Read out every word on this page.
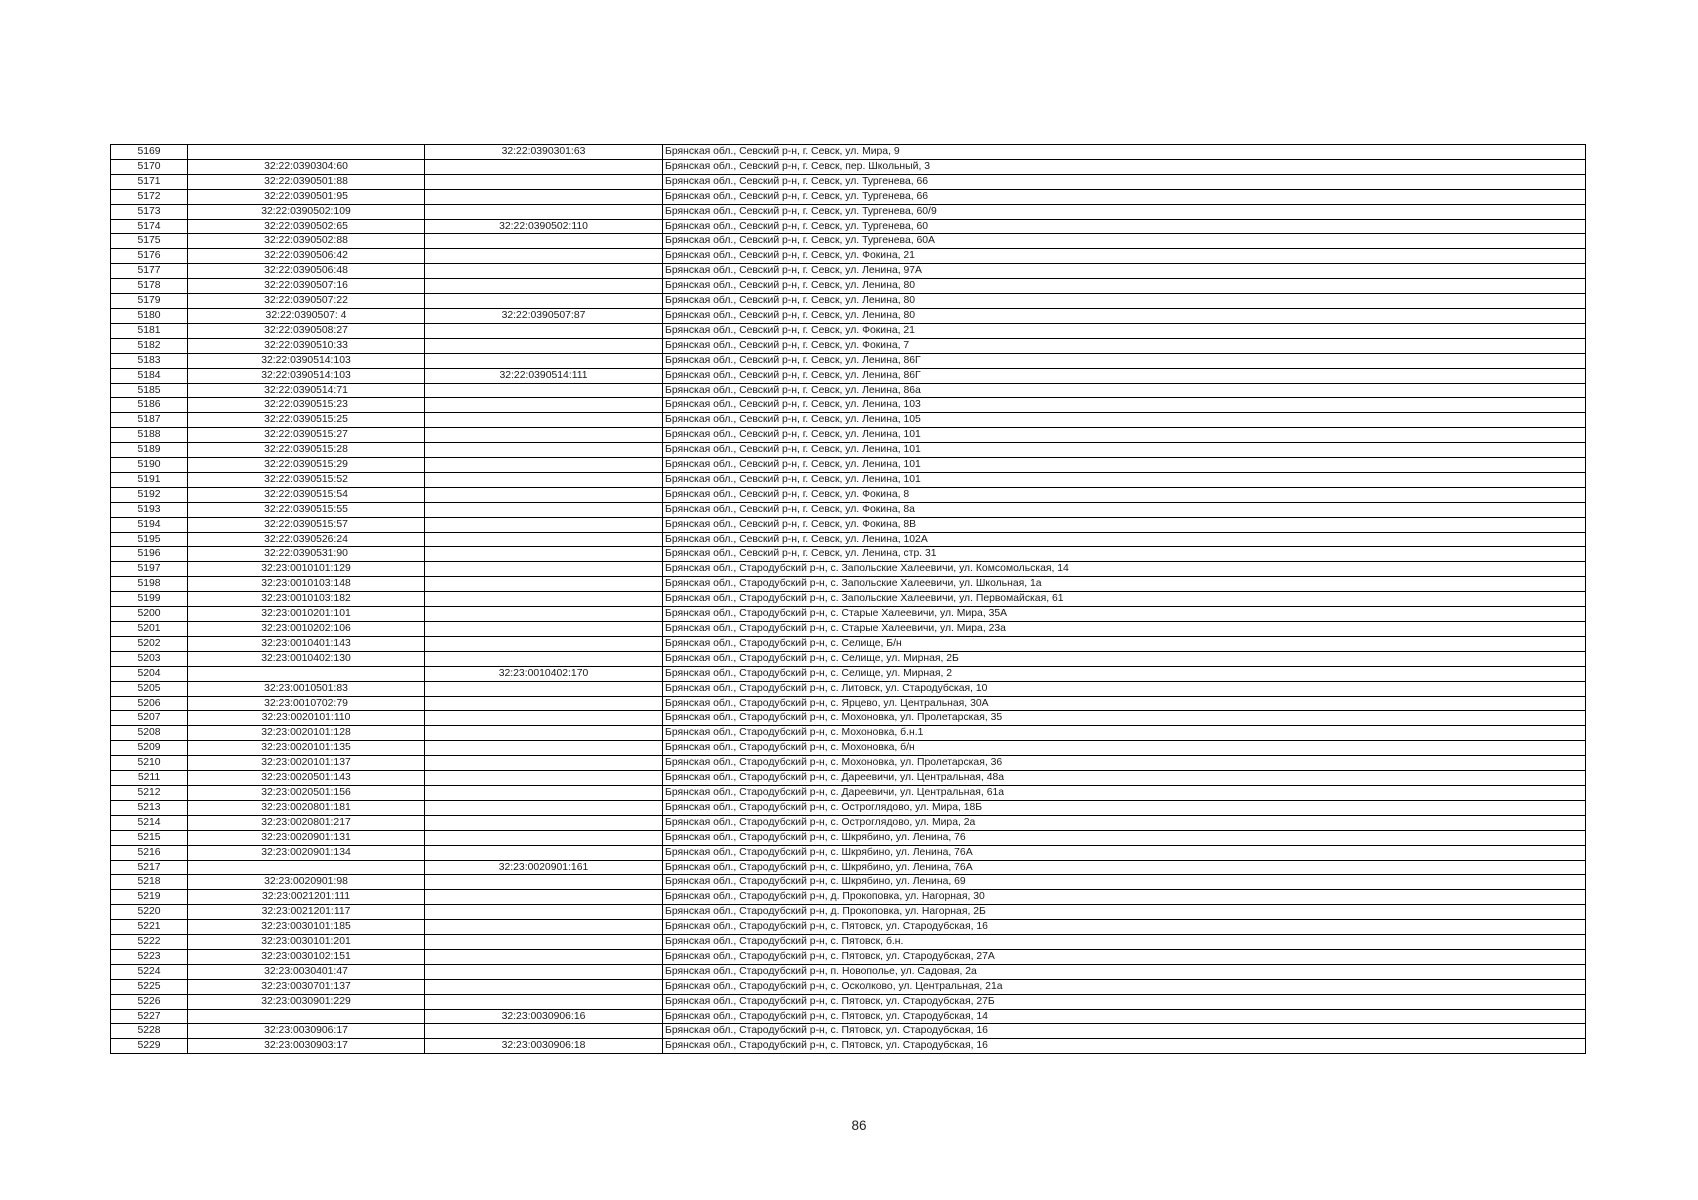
5169		32:22:0390301:63	Брянская обл., Севский р-н, г. Севск, ул. Мира, 9
5170	32:22:0390304:60		Брянская обл., Севский р-н, г. Севск, пер. Школьный, 3
5171	32:22:0390501:88		Брянская обл., Севский р-н, г. Севск, ул. Тургенева, 66
5172	32:22:0390501:95		Брянская обл., Севский р-н, г. Севск, ул. Тургенева, 66
5173	32:22:0390502:109		Брянская обл., Севский р-н, г. Севск, ул. Тургенева, 60/9
5174	32:22:0390502:65	32:22:0390502:110	Брянская обл., Севский р-н, г. Севск, ул. Тургенева, 60
5175	32:22:0390502:88		Брянская обл., Севский р-н, г. Севск, ул. Тургенева, 60А
5176	32:22:0390506:42		Брянская обл., Севский р-н, г. Севск, ул. Фокина, 21
5177	32:22:0390506:48		Брянская обл., Севский р-н, г. Севск, ул. Ленина, 97А
5178	32:22:0390507:16		Брянская обл., Севский р-н, г. Севск, ул. Ленина, 80
5179	32:22:0390507:22		Брянская обл., Севский р-н, г. Севск, ул. Ленина, 80
5180	32:22:0390507: 4	32:22:0390507:87	Брянская обл., Севский р-н, г. Севск, ул. Ленина, 80
5181	32:22:0390508:27		Брянская обл., Севский р-н, г. Севск, ул. Фокина, 21
5182	32:22:0390510:33		Брянская обл., Севский р-н, г. Севск, ул. Фокина, 7
5183	32:22:0390514:103		Брянская обл., Севский р-н, г. Севск, ул. Ленина, 86Г
5184	32:22:0390514:103	32:22:0390514:111	Брянская обл., Севский р-н, г. Севск, ул. Ленина, 86Г
5185	32:22:0390514:71		Брянская обл., Севский р-н, г. Севск, ул. Ленина, 86а
5186	32:22:0390515:23		Брянская обл., Севский р-н, г. Севск, ул. Ленина, 103
5187	32:22:0390515:25		Брянская обл., Севский р-н, г. Севск, ул. Ленина, 105
5188	32:22:0390515:27		Брянская обл., Севский р-н, г. Севск, ул. Ленина, 101
5189	32:22:0390515:28		Брянская обл., Севский р-н, г. Севск, ул. Ленина, 101
5190	32:22:0390515:29		Брянская обл., Севский р-н, г. Севск, ул. Ленина, 101
5191	32:22:0390515:52		Брянская обл., Севский р-н, г. Севск, ул. Ленина, 101
5192	32:22:0390515:54		Брянская обл., Севский р-н, г. Севск, ул. Фокина, 8
5193	32:22:0390515:55		Брянская обл., Севский р-н, г. Севск, ул. Фокина, 8а
5194	32:22:0390515:57		Брянская обл., Севский р-н, г. Севск, ул. Фокина, 8В
5195	32:22:0390526:24		Брянская обл., Севский р-н, г. Севск, ул. Ленина, 102А
5196	32:22:0390531:90		Брянская обл., Севский р-н, г. Севск, ул. Ленина, стр. 31
5197	32:23:0010101:129		Брянская обл., Стародубский р-н, с. Запольские Халеевичи, ул. Комсомольская, 14
5198	32:23:0010103:148		Брянская обл., Стародубский р-н, с. Запольские Халеевичи, ул. Школьная, 1а
5199	32:23:0010103:182		Брянская обл., Стародубский р-н, с. Запольские Халеевичи, ул. Первомайская, 61
5200	32:23:0010201:101		Брянская обл., Стародубский р-н, с. Старые Халеевичи, ул. Мира, 35А
5201	32:23:0010202:106		Брянская обл., Стародубский р-н, с. Старые Халеевичи, ул. Мира, 23а
5202	32:23:0010401:143		Брянская обл., Стародубский р-н, с. Селище, Б/н
5203	32:23:0010402:130		Брянская обл., Стародубский р-н, с. Селище, ул. Мирная, 2Б
5204		32:23:0010402:170	Брянская обл., Стародубский р-н, с. Селище, ул. Мирная, 2
5205	32:23:0010501:83		Брянская обл., Стародубский р-н, с. Литовск, ул. Стародубская, 10
5206	32:23:0010702:79		Брянская обл., Стародубский р-н, с. Ярцево, ул. Центральная, 30А
5207	32:23:0020101:110		Брянская обл., Стародубский р-н, с. Мохоновка, ул. Пролетарская, 35
5208	32:23:0020101:128		Брянская обл., Стародубский р-н, с. Мохоновка, б.н.1
5209	32:23:0020101:135		Брянская обл., Стародубский р-н, с. Мохоновка, б/н
5210	32:23:0020101:137		Брянская обл., Стародубский р-н, с. Мохоновка, ул. Пролетарская, 36
5211	32:23:0020501:143		Брянская обл., Стародубский р-н, с. Дареевичи, ул. Центральная, 48а
5212	32:23:0020501:156		Брянская обл., Стародубский р-н, с. Дареевичи, ул. Центральная, 61а
5213	32:23:0020801:181		Брянская обл., Стародубский р-н, с. Остроглядово, ул. Мира, 18Б
5214	32:23:0020801:217		Брянская обл., Стародубский р-н, с. Остроглядово, ул. Мира, 2а
5215	32:23:0020901:131		Брянская обл., Стародубский р-н, с. Шкрябино, ул. Ленина, 76
5216	32:23:0020901:134		Брянская обл., Стародубский р-н, с. Шкрябино, ул. Ленина, 76А
5217		32:23:0020901:161	Брянская обл., Стародубский р-н, с. Шкрябино, ул. Ленина, 76А
5218	32:23:0020901:98		Брянская обл., Стародубский р-н, с. Шкрябино, ул. Ленина, 69
5219	32:23:0021201:111		Брянская обл., Стародубский р-н, д. Прокоповка, ул. Нагорная, 30
5220	32:23:0021201:117		Брянская обл., Стародубский р-н, д. Прокоповка, ул. Нагорная, 2Б
5221	32:23:0030101:185		Брянская обл., Стародубский р-н, с. Пятовск, ул. Стародубская, 16
5222	32:23:0030101:201		Брянская обл., Стародубский р-н, с. Пятовск, б.н.
5223	32:23:0030102:151		Брянская обл., Стародубский р-н, с. Пятовск, ул. Стародубская, 27А
5224	32:23:0030401:47		Брянская обл., Стародубский р-н, п. Новополье, ул. Садовая, 2а
5225	32:23:0030701:137		Брянская обл., Стародубский р-н, с. Осколково, ул. Центральная, 21а
5226	32:23:0030901:229		Брянская обл., Стародубский р-н, с. Пятовск, ул. Стародубская, 27Б
5227		32:23:0030906:16	Брянская обл., Стародубский р-н, с. Пятовск, ул. Стародубская, 14
5228	32:23:0030906:17		Брянская обл., Стародубский р-н, с. Пятовск, ул. Стародубская, 16
5229	32:23:0030903:17	32:23:0030906:18	Брянская обл., Стародубский р-н, с. Пятовск, ул. Стародубская, 16
86
